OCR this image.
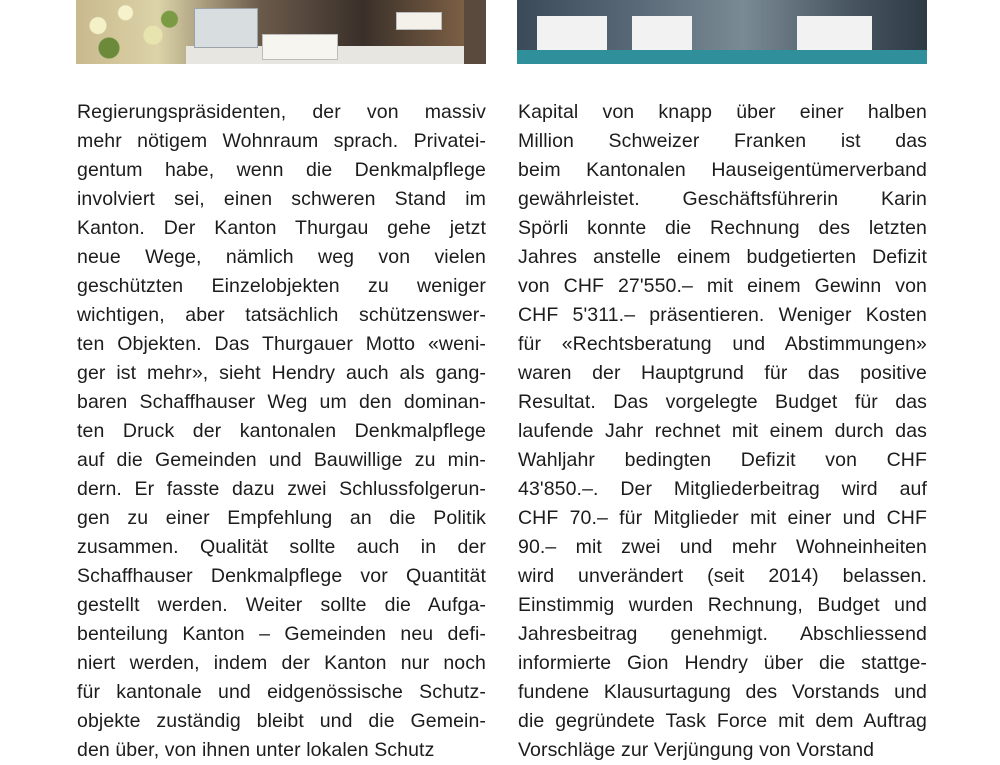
Regierungspräsidenten, der von massiv
mehr nötigem Wohnraum sprach. Privatei-
gentum habe, wenn die Denkmalpflege
involviert sei, einen schweren Stand im
Kanton. Der Kanton Thurgau gehe jetzt
neue Wege, nämlich weg von vielen
geschützten Einzelobjekten zu weniger
wichtigen, aber tatsächlich schützenswer-
ten Objekten. Das Thurgauer Motto «weni-
ger ist mehr», sieht Hendry auch als gang-
baren Schaffhauser Weg um den dominan-
ten Druck der kantonalen Denkmalpflege
auf die Gemeinden und Bauwillige zu min-
dern. Er fasste dazu zwei Schlussfolgerun-
gen zu einer Empfehlung an die Politik
zusammen. Qualität sollte auch in der
Schaffhauser Denkmalpflege vor Quantität
gestellt werden. Weiter sollte die Aufga-
benteilung Kanton – Gemeinden neu defi-
niert werden, indem der Kanton nur noch
für kantonale und eidgenössische Schutz-
objekte zuständig bleibt und die Gemein-
den über, von ihnen unter lokalen Schutz
Kapital von knapp über einer halben
Million Schweizer Franken ist das
beim Kantonalen Hauseigentümerverband
gewährleistet. Geschäftsführerin Karin
Spörli konnte die Rechnung des letzten
Jahres anstelle einem budgetierten Defizit
von CHF 27'550.– mit einem Gewinn von
CHF 5'311.– präsentieren. Weniger Kosten
für «Rechtsberatung und Abstimmungen»
waren der Hauptgrund für das positive
Resultat. Das vorgelegte Budget für das
laufende Jahr rechnet mit einem durch das
Wahljahr bedingten Defizit von CHF
43'850.–. Der Mitgliederbeitrag wird auf
CHF 70.– für Mitglieder mit einer und CHF
90.– mit zwei und mehr Wohneinheiten
wird unverändert (seit 2014) belassen.
Einstimmig wurden Rechnung, Budget und
Jahresbeitrag genehmigt. Abschliessend
informierte Gion Hendry über die stattge-
fundene Klausurtagung des Vorstands und
die gegründete Task Force mit dem Auftrag
Vorschläge zur Verjüngung von Vorstand
